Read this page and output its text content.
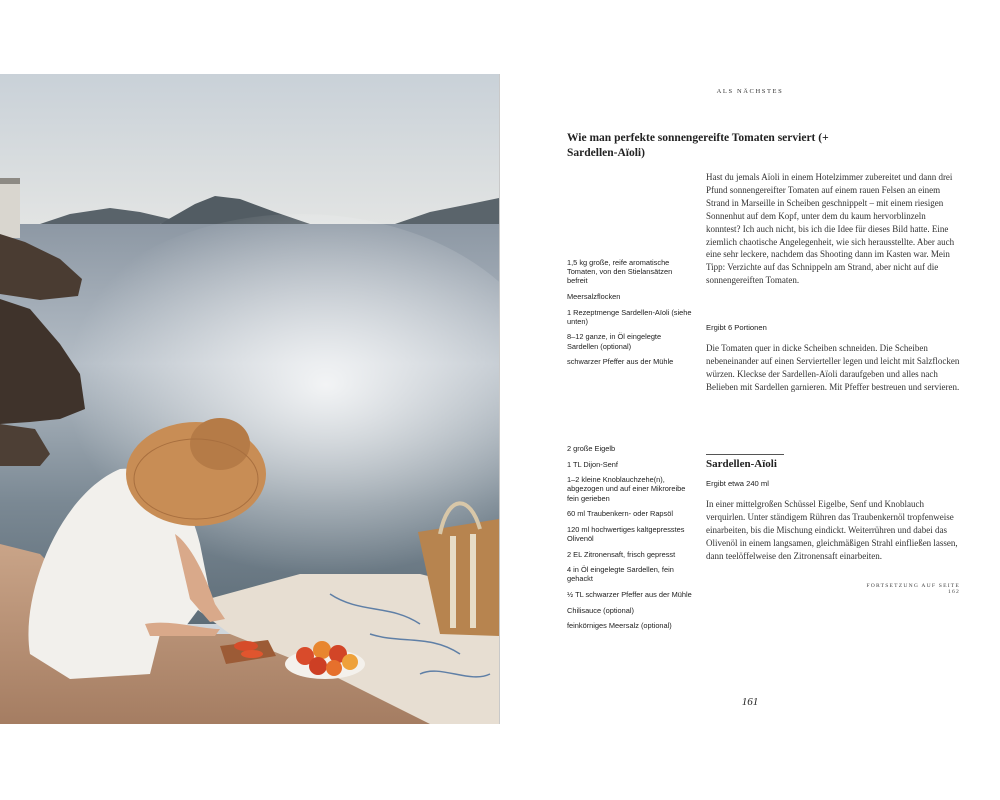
ALS NÄCHSTES
Wie man perfekte sonnengereifte Tomaten serviert (+ Sardellen-Aïoli)
Hast du jemals Aïoli in einem Hotelzimmer zubereitet und dann drei Pfund sonnengereifter Tomaten auf einem rauen Felsen an einem Strand in Marseille in Scheiben geschnippelt – mit einem riesigen Sonnenhut auf dem Kopf, unter dem du kaum hervorblinzeln konntest? Ich auch nicht, bis ich die Idee für dieses Bild hatte. Eine ziemlich chaotische Angelegenheit, wie sich herausstellte. Aber auch eine sehr leckere, nachdem das Shooting dann im Kasten war. Mein Tipp: Verzichte auf das Schnippeln am Strand, aber nicht auf die sonnengereiften Tomaten.
1,5 kg große, reife aromatische Tomaten, von den Stielansätzen befreit
Meersalzflocken
1 Rezeptmenge Sardellen-Aïoli (siehe unten)
8–12 ganze, in Öl eingelegte Sardellen (optional)
schwarzer Pfeffer aus der Mühle
Ergibt 6 Portionen
Die Tomaten quer in dicke Scheiben schneiden. Die Scheiben nebeneinander auf einen Servierteller legen und leicht mit Salzflocken würzen. Kleckse der Sardellen-Aïoli daraufgeben und alles nach Belieben mit Sardellen garnieren. Mit Pfeffer bestreuen und servieren.
2 große Eigelb
1 TL Dijon-Senf
1–2 kleine Knoblauchzehe(n), abgezogen und auf einer Mikroreibe fein gerieben
60 ml Traubenkern- oder Rapsöl
120 ml hochwertiges kaltgepresstes Olivenöl
2 EL Zitronensaft, frisch gepresst
4 in Öl eingelegte Sardellen, fein gehackt
½ TL schwarzer Pfeffer aus der Mühle
Chilisauce (optional)
feinkörniges Meersalz (optional)
Sardellen-Aïoli
Ergibt etwa 240 ml
In einer mittelgroßen Schüssel Eigelbe, Senf und Knoblauch verquirlen. Unter ständigem Rühren das Traubenkernöl tropfenweise einarbeiten, bis die Mischung eindickt. Weiterrühren und dabei das Olivenöl in einem langsamen, gleichmäßigen Strahl einfließen lassen, dann teelöffelweise den Zitronensaft einarbeiten.
FORTSETZUNG AUF SEITE 162
161
